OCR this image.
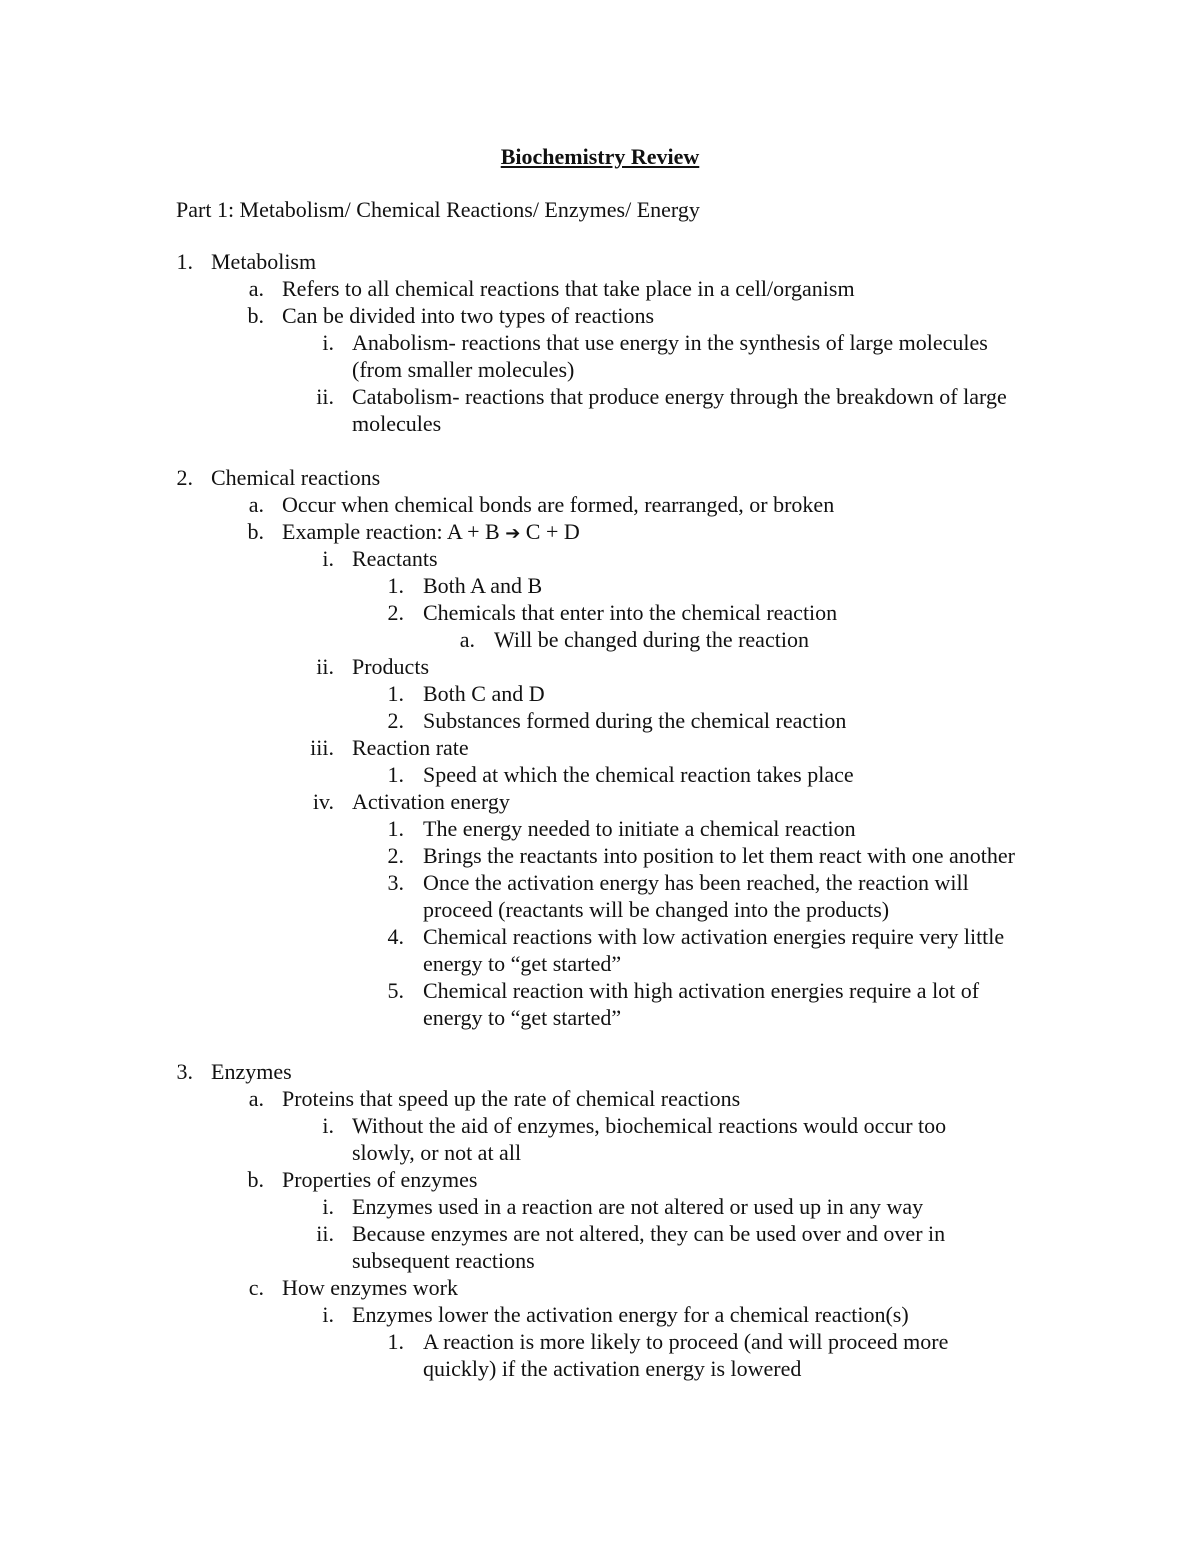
Biochemistry Review
Part 1: Metabolism/ Chemical Reactions/ Enzymes/ Energy
1. Metabolism
a. Refers to all chemical reactions that take place in a cell/organism
b. Can be divided into two types of reactions
i. Anabolism- reactions that use energy in the synthesis of large molecules
(from smaller molecules)
ii. Catabolism- reactions that produce energy through the breakdown of large
molecules
2. Chemical reactions
a. Occur when chemical bonds are formed, rearranged, or broken
b. Example reaction: A + B ➔ C + D
i. Reactants
1. Both A and B
2. Chemicals that enter into the chemical reaction
a. Will be changed during the reaction
ii. Products
1. Both C and D
2. Substances formed during the chemical reaction
iii. Reaction rate
1. Speed at which the chemical reaction takes place
iv. Activation energy
1. The energy needed to initiate a chemical reaction
2. Brings the reactants into position to let them react with one another
3. Once the activation energy has been reached, the reaction will
proceed (reactants will be changed into the products)
4. Chemical reactions with low activation energies require very little
energy to “get started”
5. Chemical reaction with high activation energies require a lot of
energy to “get started”
3. Enzymes
a. Proteins that speed up the rate of chemical reactions
i. Without the aid of enzymes, biochemical reactions would occur too
slowly, or not at all
b. Properties of enzymes
i. Enzymes used in a reaction are not altered or used up in any way
ii. Because enzymes are not altered, they can be used over and over in
subsequent reactions
c. How enzymes work
i. Enzymes lower the activation energy for a chemical reaction(s)
1. A reaction is more likely to proceed (and will proceed more
quickly) if the activation energy is lowered
